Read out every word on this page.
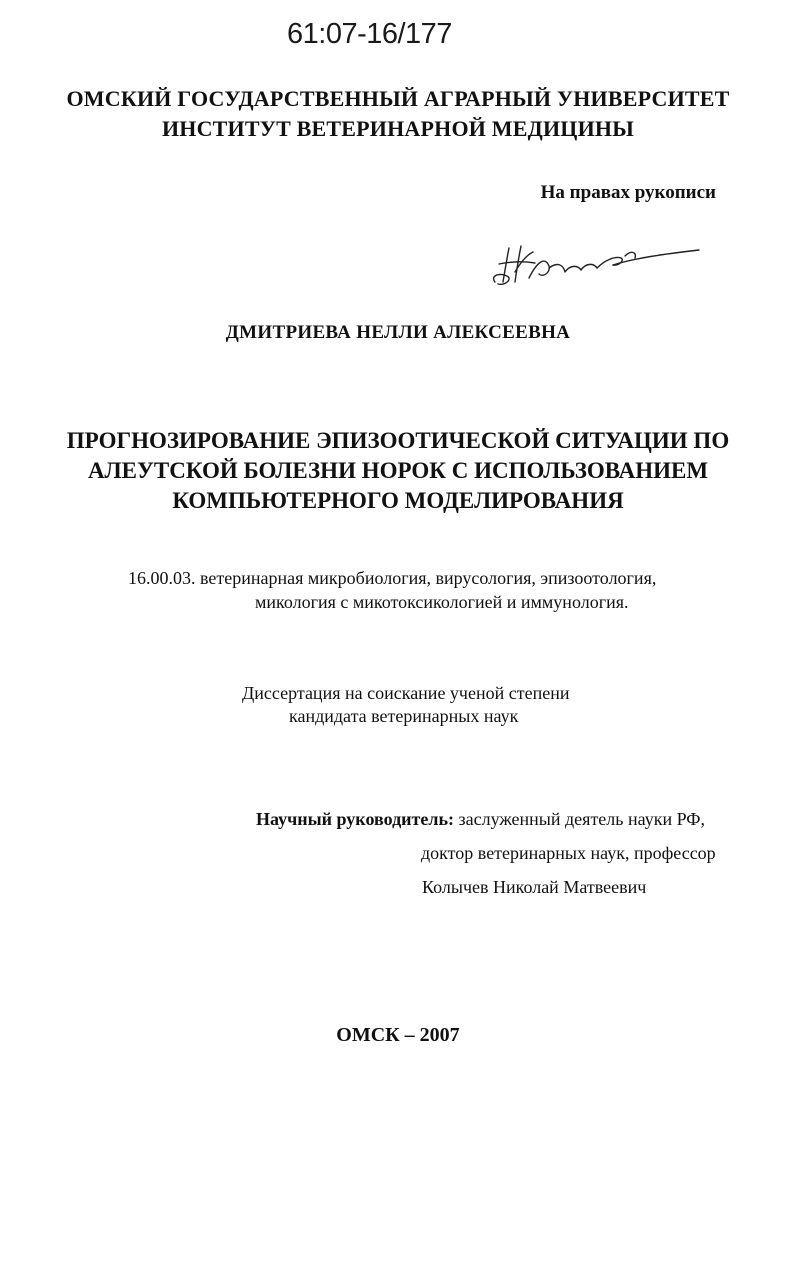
61:07-16/177
ОМСКИЙ ГОСУДАРСТВЕННЫЙ АГРАРНЫЙ УНИВЕРСИТЕТ
ИНСТИТУТ ВЕТЕРИНАРНОЙ МЕДИЦИНЫ
На правах рукописи
ДМИТРИЕВА НЕЛЛИ АЛЕКСЕЕВНА
ПРОГНОЗИРОВАНИЕ ЭПИЗООТИЧЕСКОЙ СИТУАЦИИ ПО
АЛЕУТСКОЙ БОЛЕЗНИ НОРОК С ИСПОЛЬЗОВАНИЕМ
КОМПЬЮТЕРНОГО МОДЕЛИРОВАНИЯ
16.00.03. ветеринарная микробиология, вирусология, эпизоотология,
микология с микотоксикологией и иммунология.
Диссертация на соискание ученой степени
кандидата ветеринарных наук
Научный руководитель: заслуженный деятель науки РФ,
доктор ветеринарных наук, профессор
Колычев Николай Матвеевич
ОМСК – 2007
